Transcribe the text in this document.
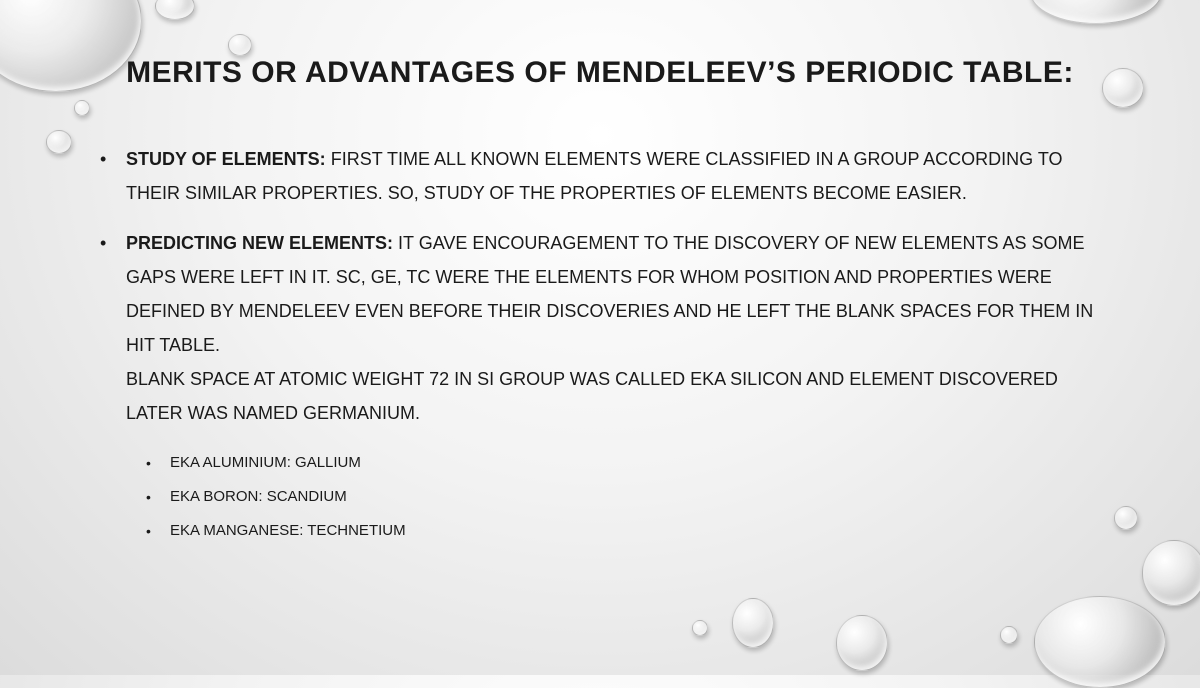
MERITS OR ADVANTAGES OF MENDELEEV’S PERIODIC TABLE:
• STUDY OF ELEMENTS: FIRST TIME ALL KNOWN ELEMENTS WERE CLASSIFIED IN A GROUP ACCORDING TO THEIR SIMILAR PROPERTIES. SO, STUDY OF THE PROPERTIES OF ELEMENTS BECOME EASIER.
• PREDICTING NEW ELEMENTS: IT GAVE ENCOURAGEMENT TO THE DISCOVERY OF NEW ELEMENTS AS SOME GAPS WERE LEFT IN IT. SC, GE, TC WERE THE ELEMENTS FOR WHOM POSITION AND PROPERTIES WERE DEFINED BY MENDELEEV EVEN BEFORE THEIR DISCOVERIES AND HE LEFT THE BLANK SPACES FOR THEM IN HIT TABLE.
BLANK SPACE AT ATOMIC WEIGHT 72 IN SI GROUP WAS CALLED EKA SILICON AND ELEMENT DISCOVERED LATER WAS NAMED GERMANIUM.
• EKA ALUMINIUM: GALLIUM
• EKA BORON: SCANDIUM
• EKA MANGANESE: TECHNETIUM
